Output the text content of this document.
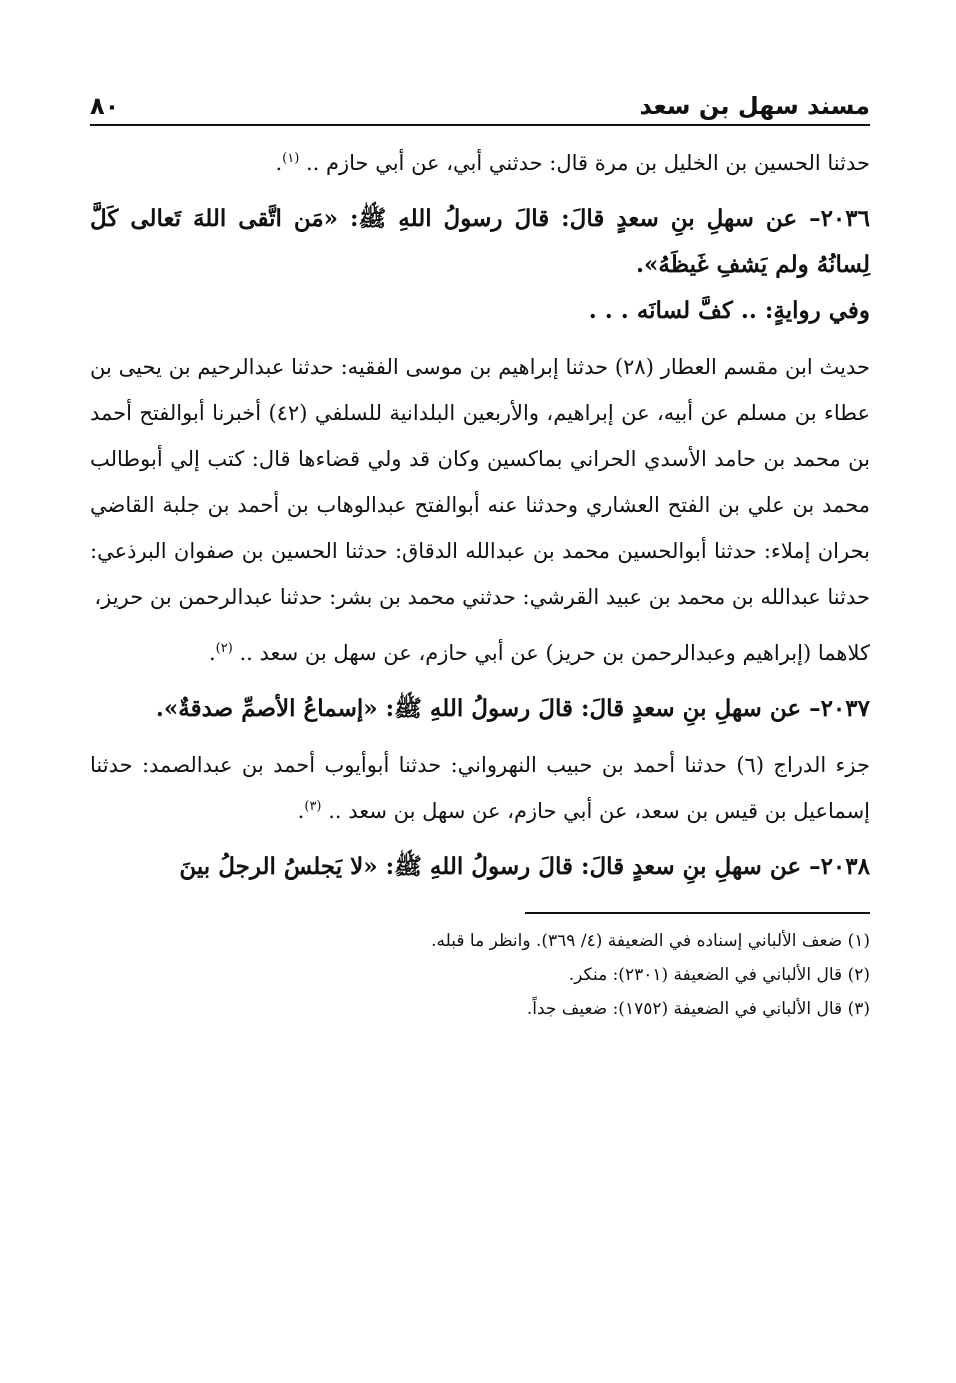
مسند سهل بن سعد
٨٠

حدثنا الحسين بن الخليل بن مرة قال: حدثني أبي، عن أبي حازم .. $^{(١)}$.

٢٠٣٦– عن سهلِ بنِ سعدٍ قالَ: قالَ رسولُ اللهِ ﷺ: «مَن اتَّقى اللهَ تَعالى كَلَّ لِسانُهُ ولم يَشفِ غَيظَهُ».

وفي روايةٍ: .. كفَّ لسانَه . . .

حديث ابن مقسم العطار (٢٨) حدثنا إبراهيم بن موسى الفقيه: حدثنا عبدالرحيم بن يحيى بن عطاء بن مسلم عن أبيه، عن إبراهيم، والأربعين البلدانية للسلفي (٤٢) أخبرنا أبوالفتح أحمد بن محمد بن حامد الأسدي الحراني بماكسين وكان قد ولي قضاءها قال: كتب إلي أبوطالب محمد بن علي بن الفتح العشاري وحدثنا عنه أبوالفتح عبدالوهاب بن أحمد بن جلبة القاضي بحران إملاء: حدثنا أبوالحسين محمد بن عبدالله الدقاق: حدثنا الحسين بن صفوان البرذعي: حدثنا عبدالله بن محمد بن عبيد القرشي: حدثني محمد بن بشر: حدثنا عبدالرحمن بن حريز،

كلاهما (إبراهيم وعبدالرحمن بن حريز) عن أبي حازم، عن سهل بن سعد .. $^{(٢)}$.

٢٠٣٧– عن سهلِ بنِ سعدٍ قالَ: قالَ رسولُ اللهِ ﷺ: «إسماعُ الأصمِّ صدقةٌ».

جزء الدراج (٦) حدثنا أحمد بن حبيب النهرواني: حدثنا أبوأيوب أحمد بن عبدالصمد: حدثنا إسماعيل بن قيس بن سعد، عن أبي حازم، عن سهل بن سعد .. $^{(٣)}$.

٢٠٣٨– عن سهلِ بنِ سعدٍ قالَ: قالَ رسولُ اللهِ ﷺ: «لا يَجلسُ الرجلُ بينَ

(١) ضعف الألباني إسناده في الضعيفة (٤/ ٣٦٩). وانظر ما قبله.

(٢) قال الألباني في الضعيفة (٢٣٠١): منكر.

(٣) قال الألباني في الضعيفة (١٧٥٢): ضعيف جداً.
